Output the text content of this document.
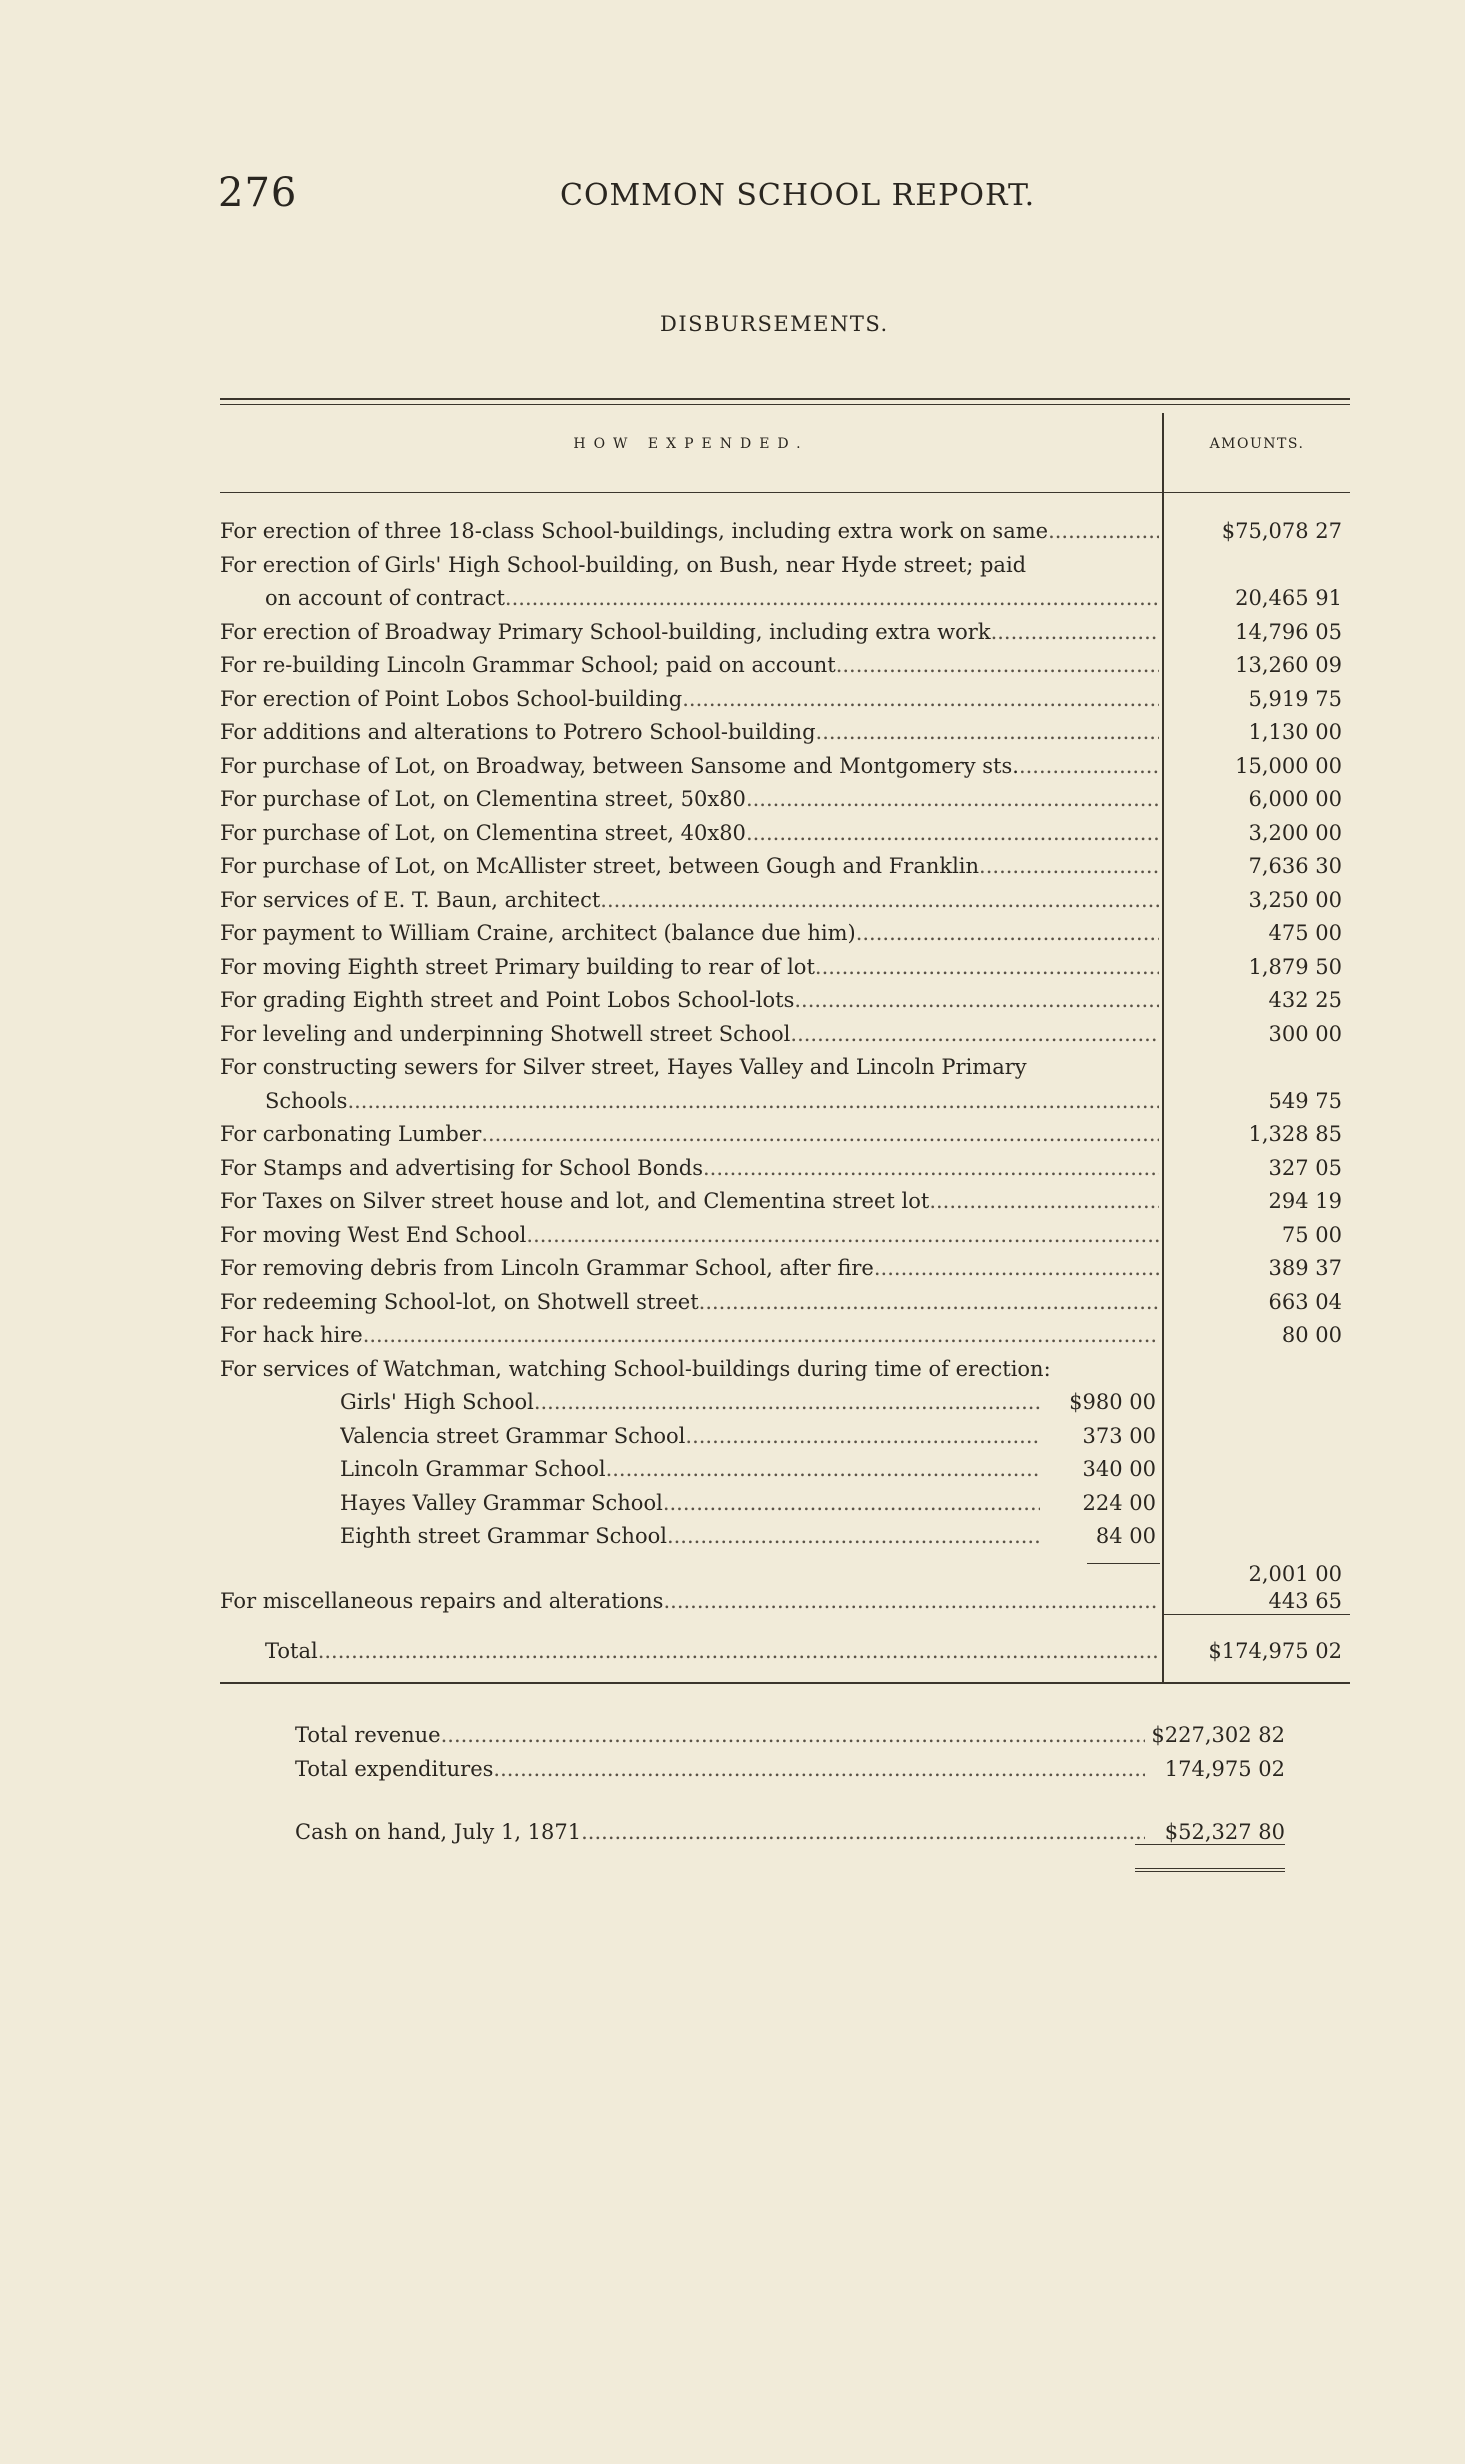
276	COMMON SCHOOL REPORT.
DISBURSEMENTS.
HOW EXPENDED.	AMOUNTS.
For erection of three 18-class School-buildings, including extra work on same .....	$75,078 27
For erection of Girls' High School-building, on Bush, near Hyde street; paid
on account of contract .....	20,465 91
For erection of Broadway Primary School-building, including extra work .....	14,796 05
For re-building Lincoln Grammar School; paid on account .....	13,260 09
For erection of Point Lobos School-building .....	5,919 75
For additions and alterations to Potrero School-building .....	1,130 00
For purchase of Lot, on Broadway, between Sansome and Montgomery sts. .....	15,000 00
For purchase of Lot, on Clementina street, 50x80 .....	6,000 00
For purchase of Lot, on Clementina street, 40x80 .....	3,200 00
For purchase of Lot, on McAllister street, between Gough and Franklin .....	7,636 30
For services of E. T. Baun, architect .....	3,250 00
For payment to William Craine, architect (balance due him) .....	475 00
For moving Eighth street Primary building to rear of lot .....	1,879 50
For grading Eighth street and Point Lobos School-lots .....	432 25
For leveling and underpinning Shotwell street School .....	300 00
For constructing sewers for Silver street, Hayes Valley and Lincoln Primary
Schools .....	549 75
For carbonating Lumber .....	1,328 85
For Stamps and advertising for School Bonds .....	327 05
For Taxes on Silver street house and lot, and Clementina street lot .....	294 19
For moving West End School .....	75 00
For removing debris from Lincoln Grammar School, after fire .....	389 37
For redeeming School-lot, on Shotwell street .....	663 04
For hack hire .....	80 00
For services of Watchman, watching School-buildings during time of erection:
Girls' High School .....	$980 00
Valencia street Grammar School .....	373 00
Lincoln Grammar School .....	340 00
Hayes Valley Grammar School .....	224 00
Eighth street Grammar School .....	84 00
2,001 00
For miscellaneous repairs and alterations .....	443 65
Total .....	$174,975 02
Total revenue .....	$227,302 82
Total expenditures .....	174,975 02
Cash on hand, July 1, 1871 .....	$52,327 80
